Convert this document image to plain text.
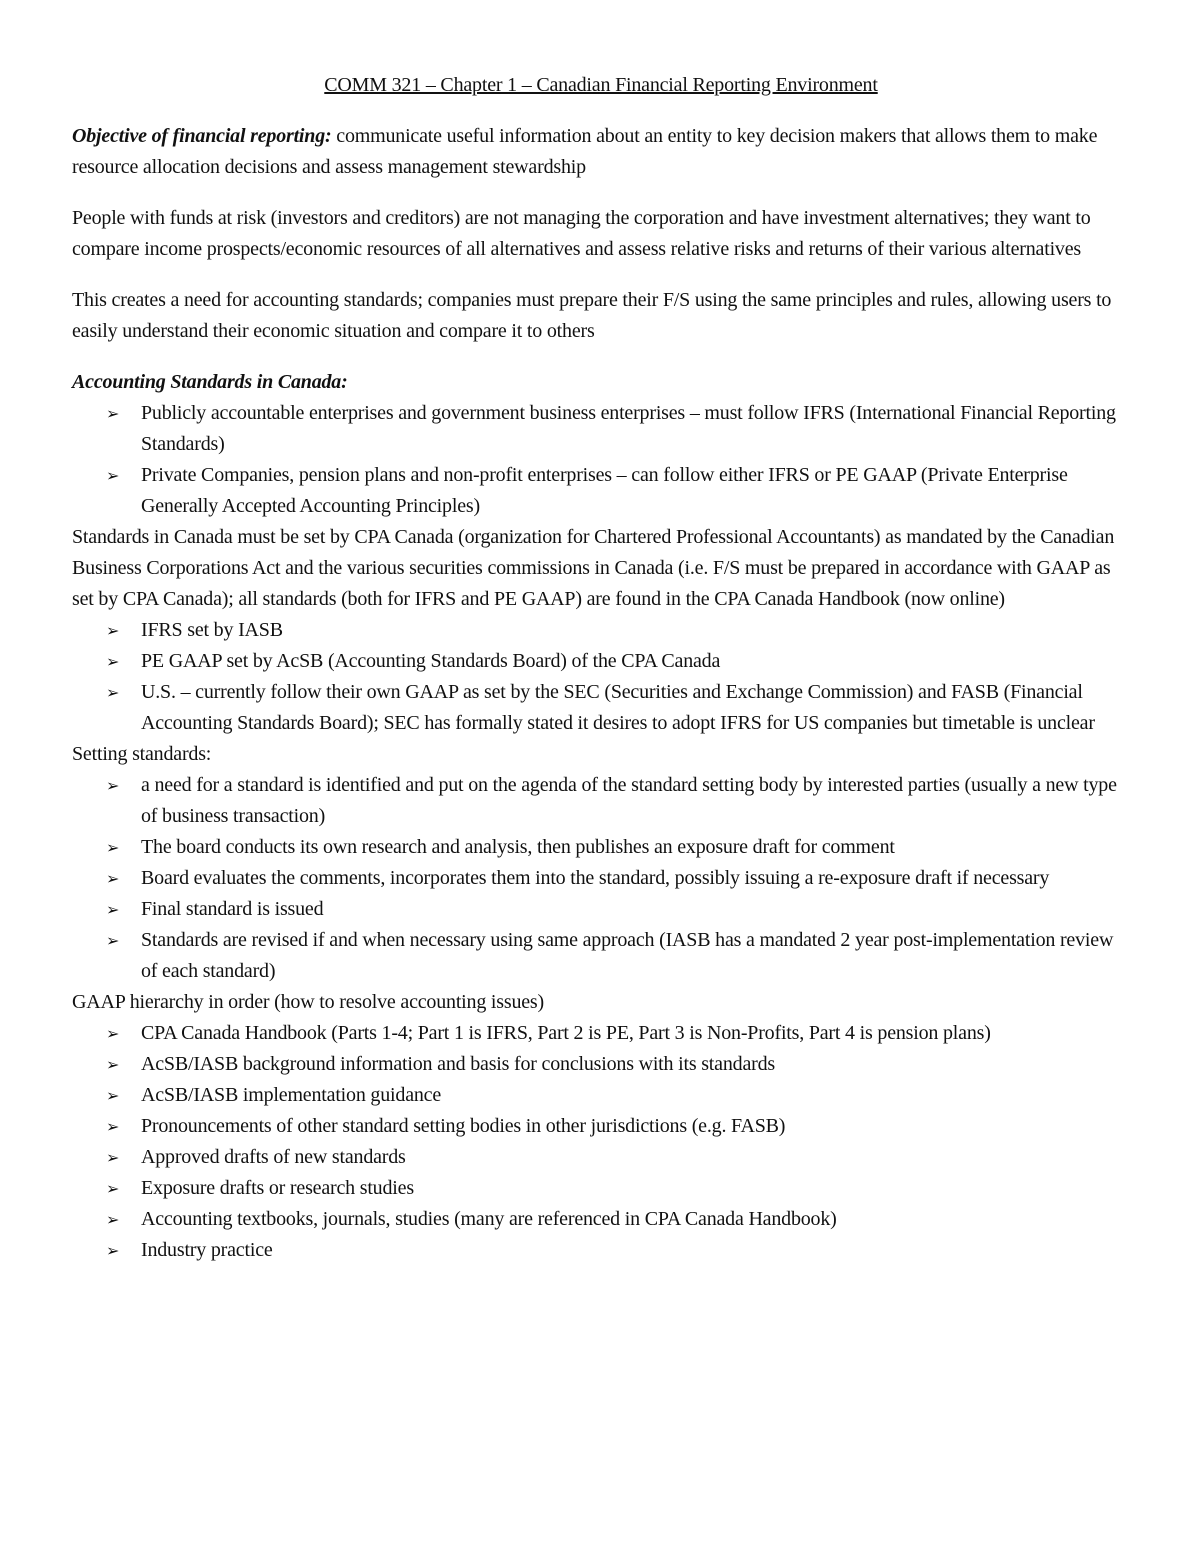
COMM 321 – Chapter 1 – Canadian Financial Reporting Environment

Objective of financial reporting: communicate useful information about an entity to key decision makers that allows them to make resource allocation decisions and assess management stewardship

People with funds at risk (investors and creditors) are not managing the corporation and have investment alternatives; they want to compare income prospects/economic resources of all alternatives and assess relative risks and returns of their various alternatives

This creates a need for accounting standards; companies must prepare their F/S using the same principles and rules, allowing users to easily understand their economic situation and compare it to others

Accounting Standards in Canada:
➢ Publicly accountable enterprises and government business enterprises – must follow IFRS (International Financial Reporting Standards)
➢ Private Companies, pension plans and non-profit enterprises – can follow either IFRS or PE GAAP (Private Enterprise Generally Accepted Accounting Principles)
Standards in Canada must be set by CPA Canada (organization for Chartered Professional Accountants) as mandated by the Canadian Business Corporations Act and the various securities commissions in Canada (i.e. F/S must be prepared in accordance with GAAP as set by CPA Canada); all standards (both for IFRS and PE GAAP) are found in the CPA Canada Handbook (now online)
➢ IFRS set by IASB
➢ PE GAAP set by AcSB (Accounting Standards Board) of the CPA Canada
➢ U.S. – currently follow their own GAAP as set by the SEC (Securities and Exchange Commission) and FASB (Financial Accounting Standards Board); SEC has formally stated it desires to adopt IFRS for US companies but timetable is unclear
Setting standards:
➢ a need for a standard is identified and put on the agenda of the standard setting body by interested parties (usually a new type of business transaction)
➢ The board conducts its own research and analysis, then publishes an exposure draft for comment
➢ Board evaluates the comments, incorporates them into the standard, possibly issuing a re-exposure draft if necessary
➢ Final standard is issued
➢ Standards are revised if and when necessary using same approach (IASB has a mandated 2 year post-implementation review of each standard)
GAAP hierarchy in order (how to resolve accounting issues)
➢ CPA Canada Handbook (Parts 1-4; Part 1 is IFRS, Part 2 is PE, Part 3 is Non-Profits, Part 4 is pension plans)
➢ AcSB/IASB background information and basis for conclusions with its standards
➢ AcSB/IASB implementation guidance
➢ Pronouncements of other standard setting bodies in other jurisdictions (e.g. FASB)
➢ Approved drafts of new standards
➢ Exposure drafts or research studies
➢ Accounting textbooks, journals, studies (many are referenced in CPA Canada Handbook)
➢ Industry practice
